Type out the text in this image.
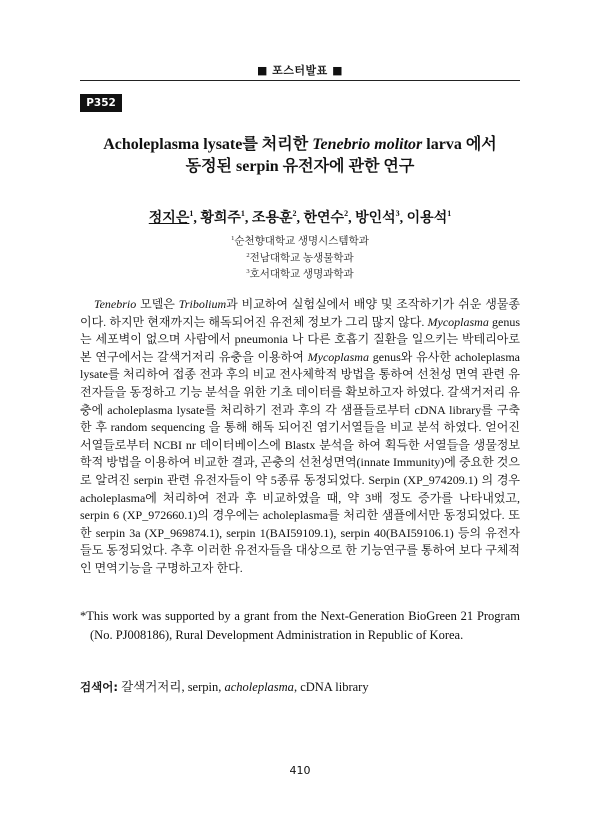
■ 포스터발표 ■
P352
Acholeplasma lysate를 처리한 Tenebrio molitor larva 에서
동정된 serpin 유전자에 관한 연구
정지은$^1$, 황희주$^1$, 조용훈$^2$, 한연수$^2$, 방인석$^3$, 이용석$^1$
$^1$순천향대학교 생명시스템학과
$^2$전남대학교 농생물학과
$^3$호서대학교 생명과학과

Tenebrio 모델은 Tribolium과 비교하여 실험실에서 배양 및 조작하기가 쉬운 생물종이다. 하지만 현재까지는 해독되어진 유전체 정보가 그리 많지 않다. Mycoplasma genus는 세포벽이 없으며 사람에서 pneumonia 나 다른 호흡기 질환을 일으키는 박테리아로 본 연구에서는 갈색거저리 유충을 이용하여 Mycoplasma genus와 유사한 acholeplasma lysate를 처리하여 접종 전과 후의 비교 전사체학적 방법을 통하여 선천성 면역 관련 유전자들을 동정하고 기능 분석을 위한 기초 데이터를 확보하고자 하였다. 갈색거저리 유충에 acholeplasma lysate를 처리하기 전과 후의 각 샘플들로부터 cDNA library를 구축한 후 random sequencing 을 통해 해독 되어진 염기서열들을 비교 분석 하였다. 얻어진 서열들로부터 NCBI nr 데이터베이스에 Blastx 분석을 하여 획득한 서열들을 생물정보학적 방법을 이용하여 비교한 결과, 곤충의 선천성면역(innate Immunity)에 중요한 것으로 알려진 serpin 관련 유전자들이 약 5종류 동정되었다. Serpin (XP_974209.1) 의 경우 acholeplasma에 처리하여 전과 후 비교하였을 때, 약 3배 정도 증가를 나타내었고, serpin 6 (XP_972660.1)의 경우에는 acholeplasma를 처리한 샘플에서만 동정되었다. 또한 serpin 3a (XP_969874.1), serpin 1(BAI59109.1), serpin 40(BAI59106.1) 등의 유전자들도 동정되었다. 추후 이러한 유전자들을 대상으로 한 기능연구를 통하여 보다 구체적인 면역기능을 구명하고자 한다.

*This work was supported by a grant from the Next-Generation BioGreen 21 Program (No. PJ008186), Rural Development Administration in Republic of Korea.

검색어: 갈색거저리, serpin, acholeplasma, cDNA library
410
